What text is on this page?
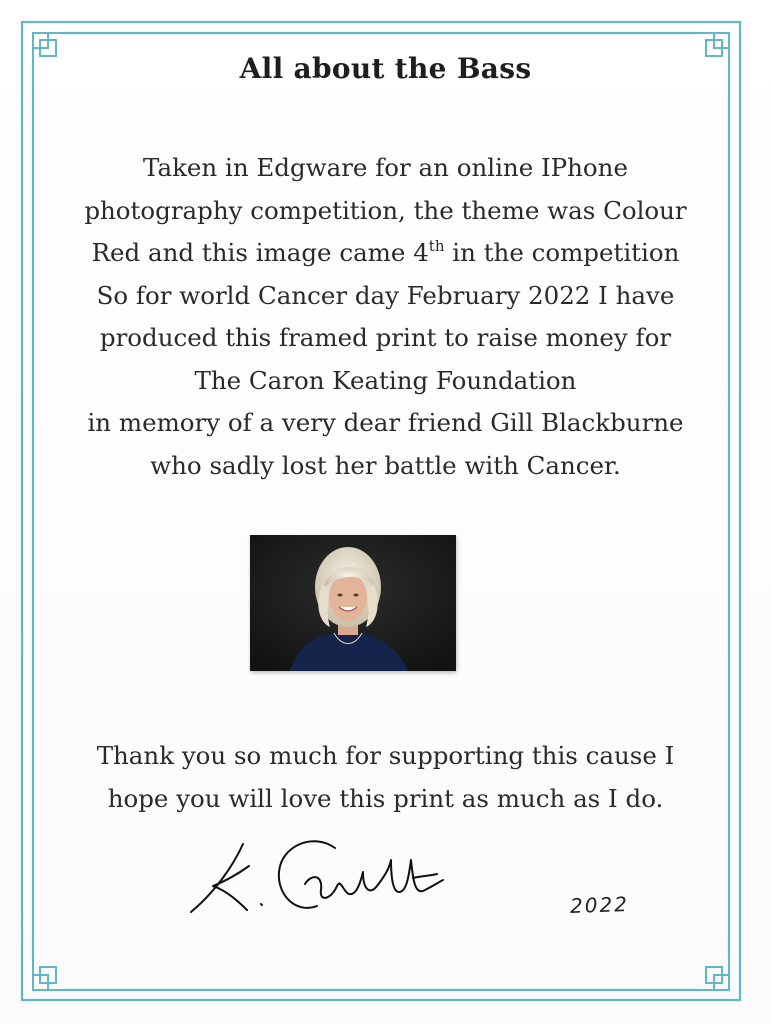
All about the Bass
Taken in Edgware for an online IPhone
photography competition, the theme was Colour
Red and this image came 4th in the competition
So for world Cancer day February 2022 I have
produced this framed print to raise money for
The Caron Keating Foundation
in memory of a very dear friend Gill Blackburne
who sadly lost her battle with Cancer.
Thank you so much for supporting this cause I
hope you will love this print as much as I do.
2022
